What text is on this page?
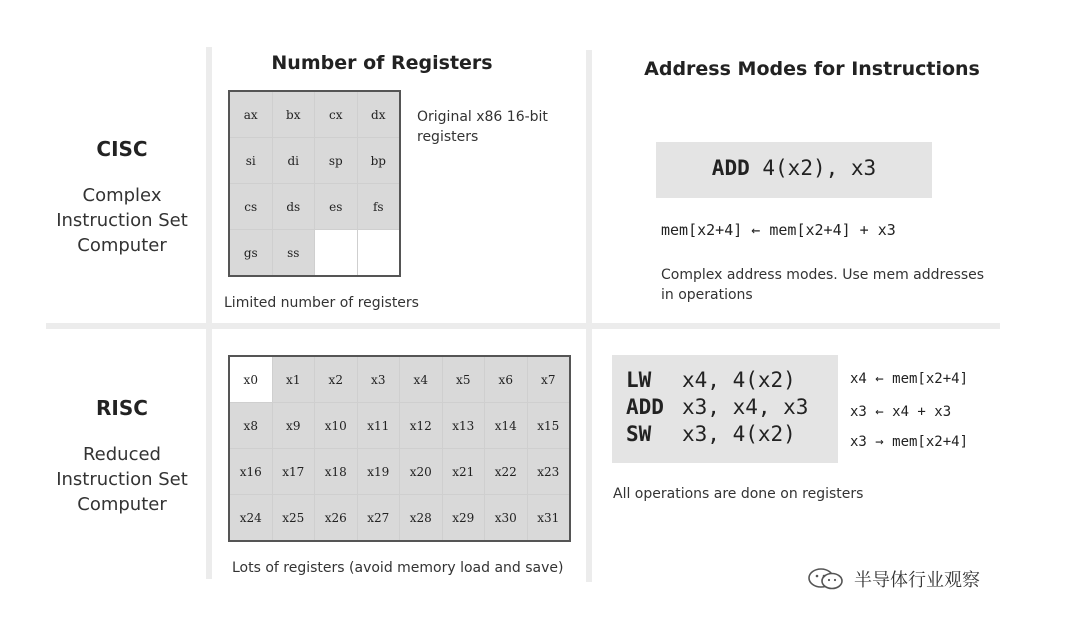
CISC
Complex
Instruction Set
Computer
RISC
Reduced
Instruction Set
Computer
Number of Registers	Address Modes for Instructions
ax	bx	cx	dx
si	di	sp	bp
cs	ds	es	fs
gs	ss
Original x86 16-bit
registers
Limited number of registers
x0	x1	x2	x3	x4	x5	x6	x7
x8	x9	x10	x11	x12	x13	x14	x15
x16	x17	x18	x19	x20	x21	x22	x23
x24	x25	x26	x27	x28	x29	x30	x31
Lots of registers (avoid memory load and save)
ADD 4(x2), x3
mem[x2+4] ← mem[x2+4] + x3
Complex address modes. Use mem addresses
in operations
LW x4, 4(x2)
ADD x3, x4, x3
SW x3, 4(x2)
x4 ← mem[x2+4]
x3 ← x4 + x3
x3 → mem[x2+4]
All operations are done on registers
半导体行业观察
